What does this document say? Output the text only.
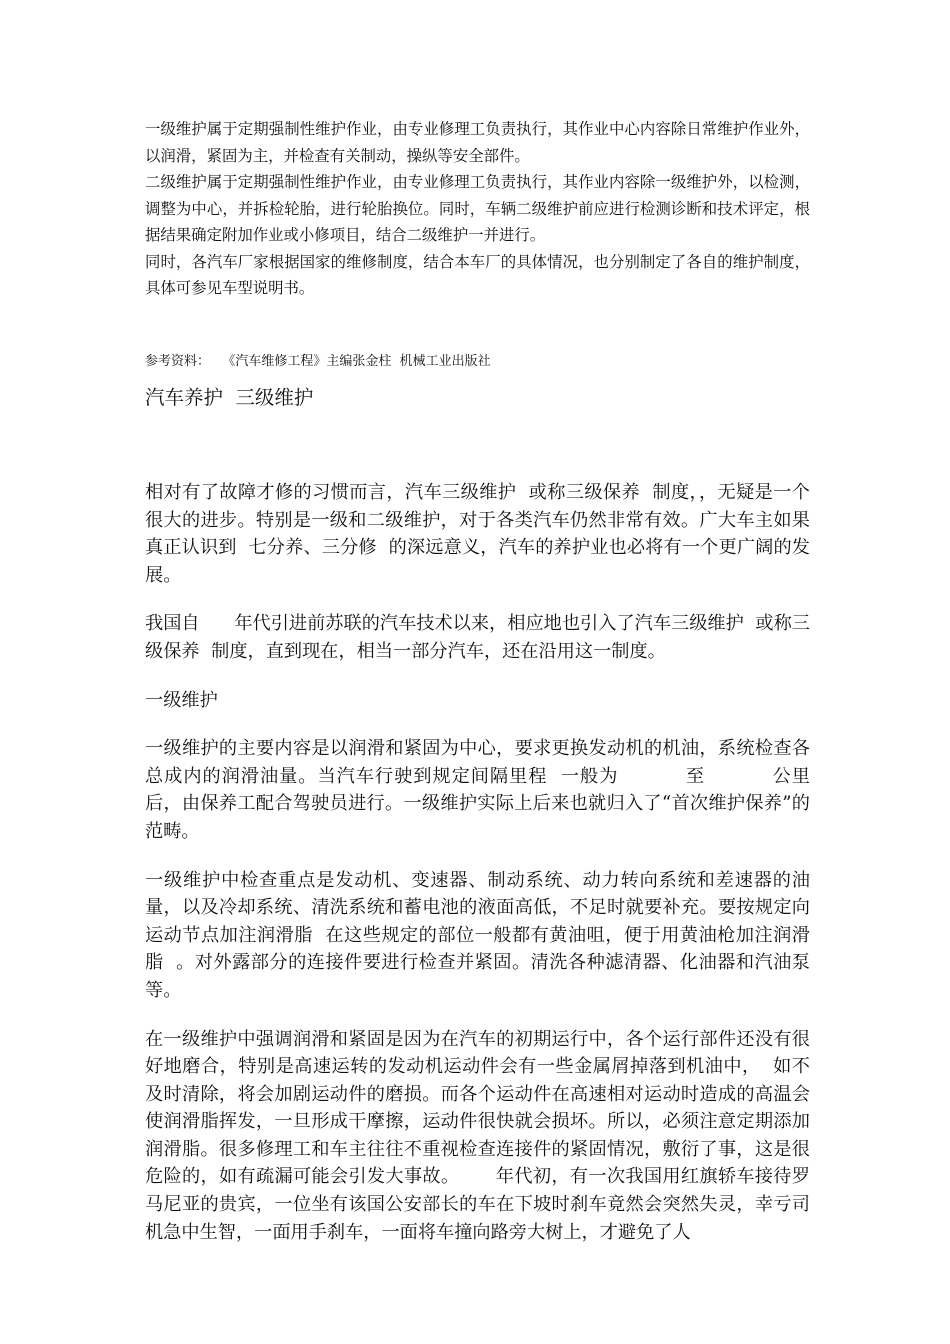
一级维护属于定期强制性维护作业，由专业修理工负责执行，其作业中心内容除日常维护作业外，以润滑，紧固为主，并检查有关制动，操纵等安全部件。

二级维护属于定期强制性维护作业，由专业修理工负责执行，其作业内容除一级维护外，以检测，调整为中心，并拆检轮胎，进行轮胎换位。同时，车辆二级维护前应进行检测诊断和技术评定，根据结果确定附加作业或小修项目，结合二级维护一并进行。

同时，各汽车厂家根据国家的维修制度，结合本车厂的具体情况，也分别制定了各自的维护制度，具体可参见车型说明书。

参考资料：   《汽车维修工程》主编张金柱  机械工业出版社
汽车养护  三级维护

相对有了故障才修的习惯而言，汽车三级维护  或称三级保养  制度，，无疑是一个很大的进步。特别是一级和二级维护，对于各类汽车仍然非常有效。广大车主如果真正认识到  七分养、三分修  的深远意义，汽车的养护业也必将有一个更广阔的发展。

我国自      年代引进前苏联的汽车技术以来，相应地也引入了汽车三级维护  或称三级保养  制度，直到现在，相当一部分汽车，还在沿用这一制度。

一级维护

一级维护的主要内容是以润滑和紧固为中心，要求更换发动机的机油，系统检查各总成内的润滑油量。当汽车行驶到规定间隔里程  一般为          至          公里  后，由保养工配合驾驶员进行。一级维护实际上后来也就归入了“首次维护保养”的范畴。

一级维护中检查重点是发动机、变速器、制动系统、动力转向系统和差速器的油量，以及冷却系统、清洗系统和蓄电池的液面高低，不足时就要补充。要按规定向运动节点加注润滑脂  在这些规定的部位一般都有黄油咀，便于用黄油枪加注润滑脂  。对外露部分的连接件要进行检查并紧固。清洗各种滤清器、化油器和汽油泵等。

在一级维护中强调润滑和紧固是因为在汽车的初期运行中，各个运行部件还没有很好地磨合，特别是高速运转的发动机运动件会有一些金属屑掉落到机油中，  如不及时清除，将会加剧运动件的磨损。而各个运动件在高速相对运动时造成的高温会使润滑脂挥发，一旦形成干摩擦，运动件很快就会损坏。所以，必须注意定期添加润滑脂。很多修理工和车主往往不重视检查连接件的紧固情况，敷衍了事，这是很危险的，如有疏漏可能会引发大事故。      年代初，有一次我国用红旗轿车接待罗马尼亚的贵宾，一位坐有该国公安部长的车在下坡时刹车竟然会突然失灵，幸亏司机急中生智，一面用手刹车，一面将车撞向路旁大树上，才避免了人
